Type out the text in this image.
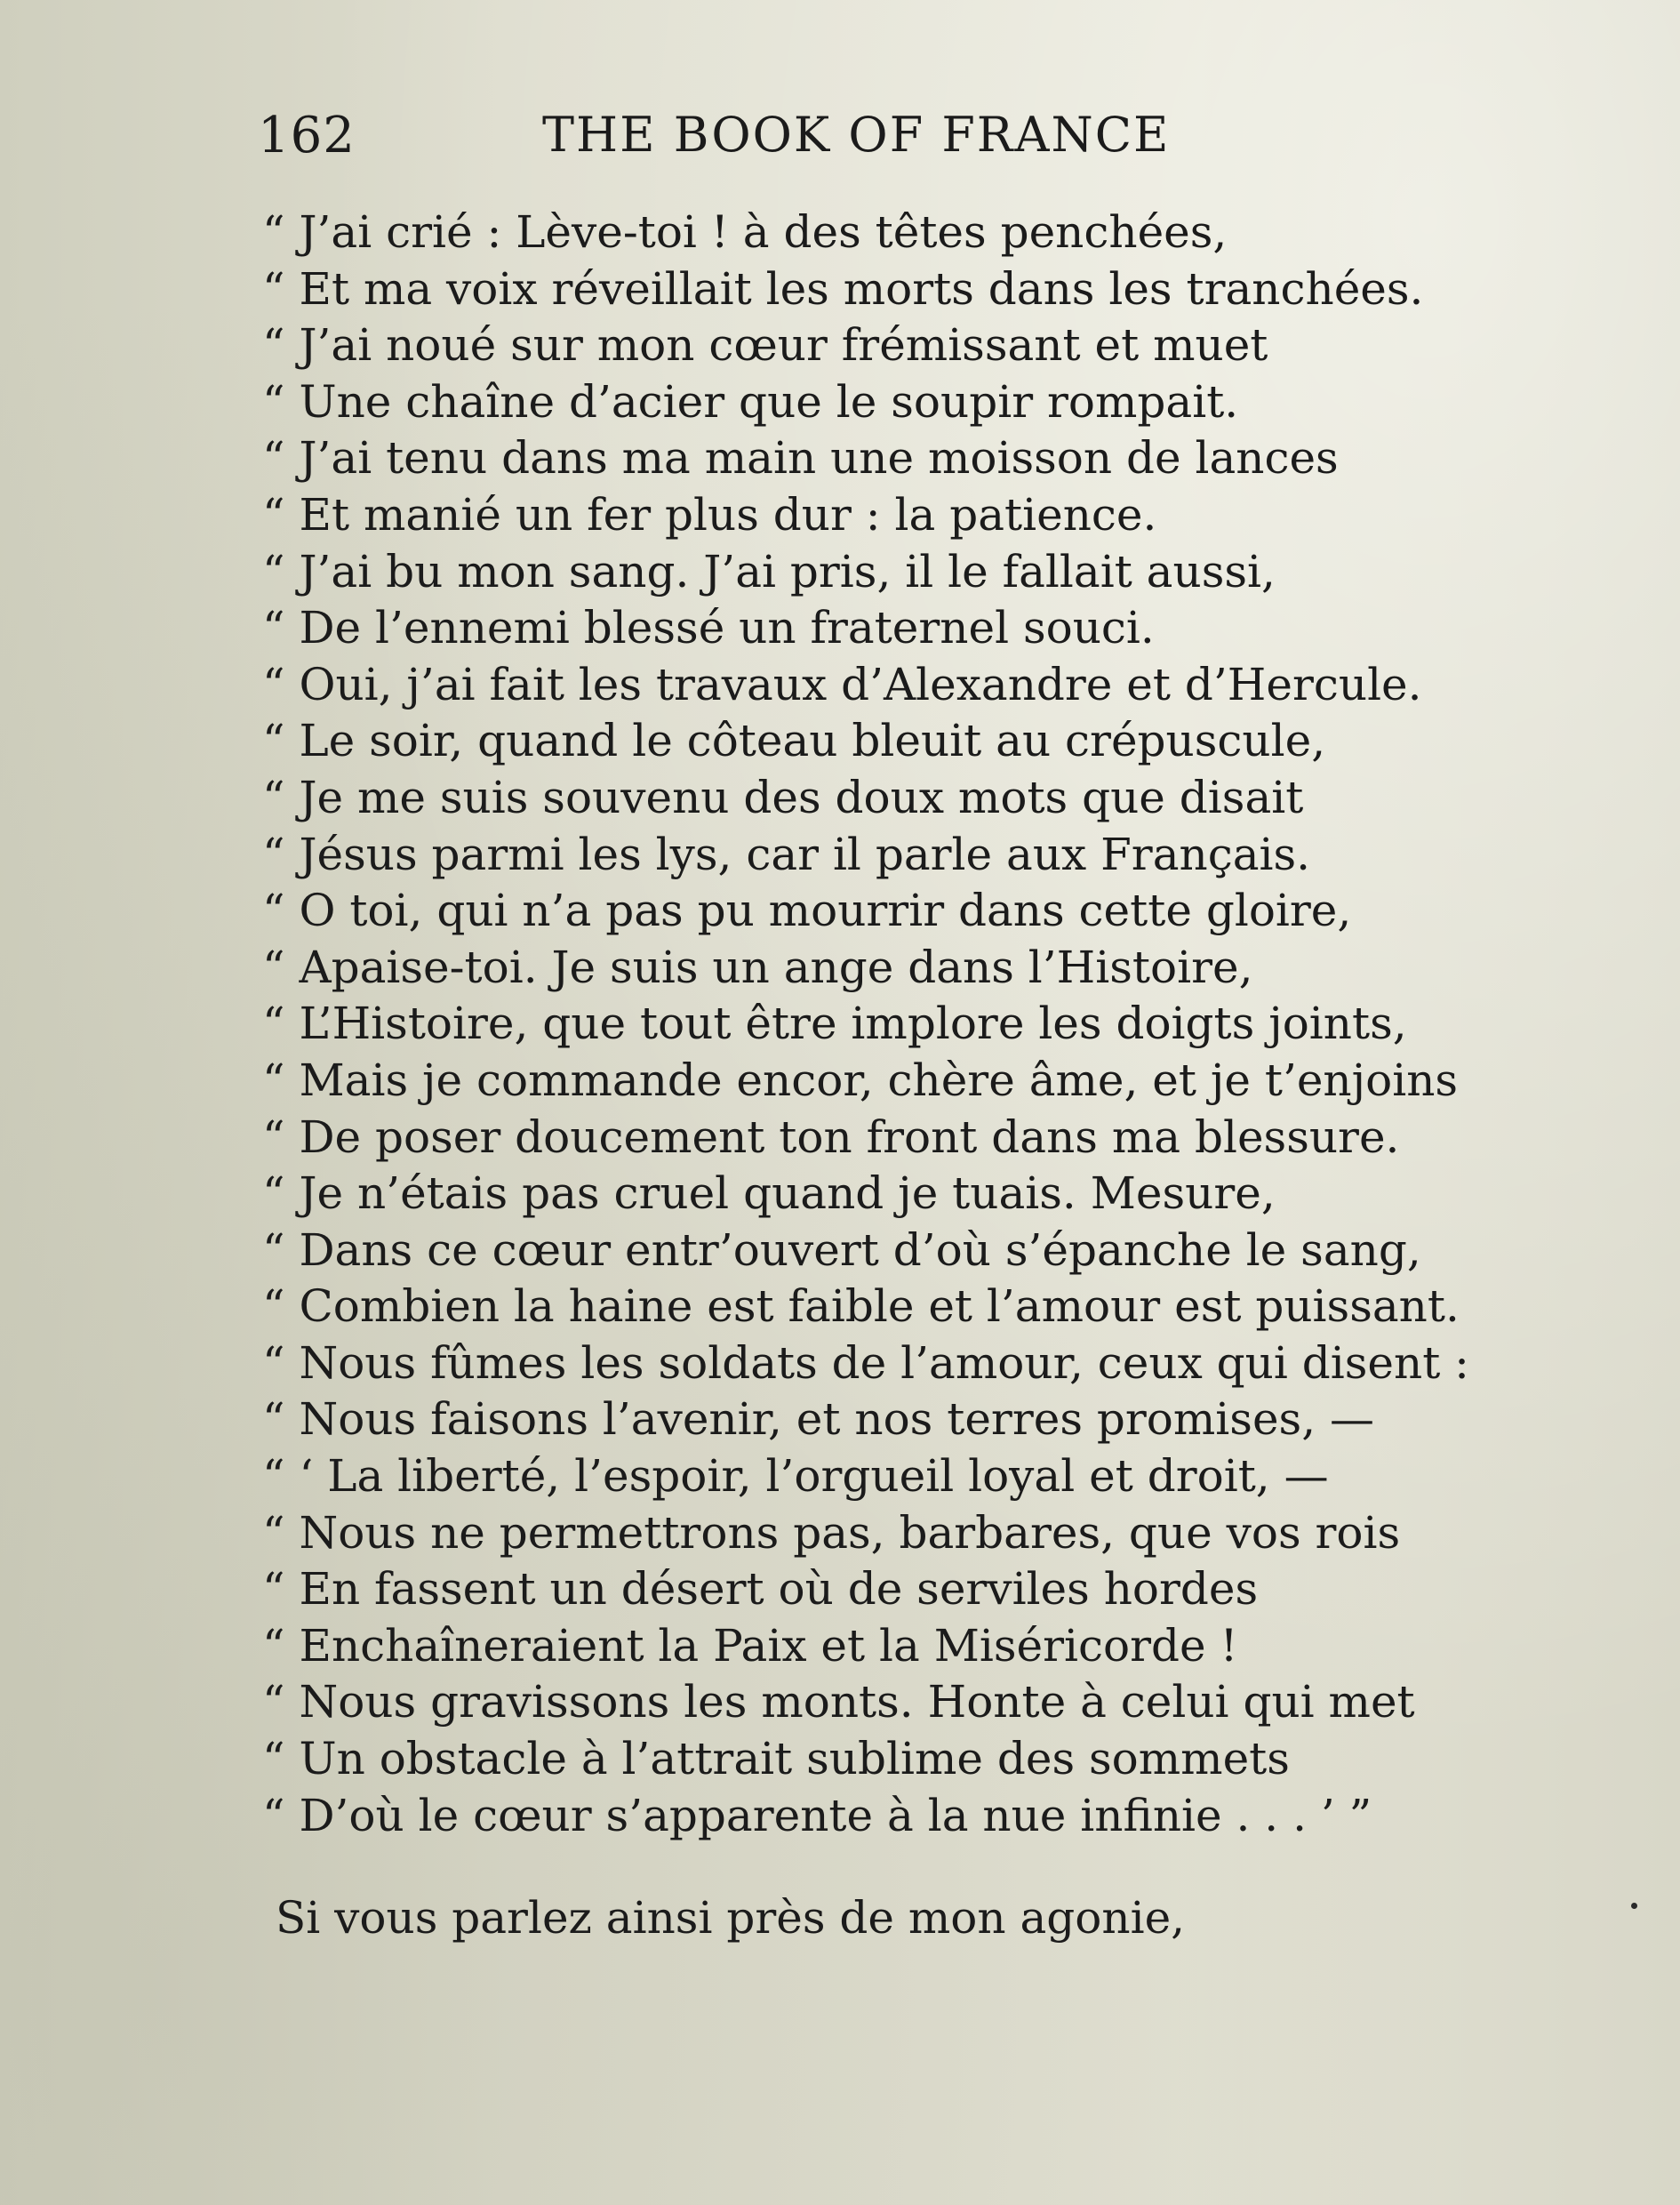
162	THE BOOK OF FRANCE
“ J’ai crié : Lève-toi ! à des têtes penchées,
“ Et ma voix réveillait les morts dans les tranchées.
“ J’ai noué sur mon cœur frémissant et muet
“ Une chaîne d’acier que le soupir rompait.
“ J’ai tenu dans ma main une moisson de lances
“ Et manié un fer plus dur : la patience.
“ J’ai bu mon sang. J’ai pris, il le fallait aussi,
“ De l’ennemi blessé un fraternel souci.
“ Oui, j’ai fait les travaux d’Alexandre et d’Hercule.
“ Le soir, quand le côteau bleuit au crépuscule,
“ Je me suis souvenu des doux mots que disait
“ Jésus parmi les lys, car il parle aux Français.
“ O toi, qui n’a pas pu mourrir dans cette gloire,
“ Apaise-toi. Je suis un ange dans l’Histoire,
“ L’Histoire, que tout être implore les doigts joints,
“ Mais je commande encor, chère âme, et je t’enjoins
“ De poser doucement ton front dans ma blessure.
“ Je n’étais pas cruel quand je tuais. Mesure,
“ Dans ce cœur entr’ouvert d’où s’épanche le sang,
“ Combien la haine est faible et l’amour est puissant.
“ Nous fûmes les soldats de l’amour, ceux qui disent :
“ Nous faisons l’avenir, et nos terres promises, —
“ ‘ La liberté, l’espoir, l’orgueil loyal et droit, —
“ Nous ne permettrons pas, barbares, que vos rois
“ En fassent un désert où de serviles hordes
“ Enchaîneraient la Paix et la Miséricorde !
“ Nous gravissons les monts. Honte à celui qui met
“ Un obstacle à l’attrait sublime des sommets
“ D’où le cœur s’apparente à la nue infinie . . . ’ ”
Si vous parlez ainsi près de mon agonie,
